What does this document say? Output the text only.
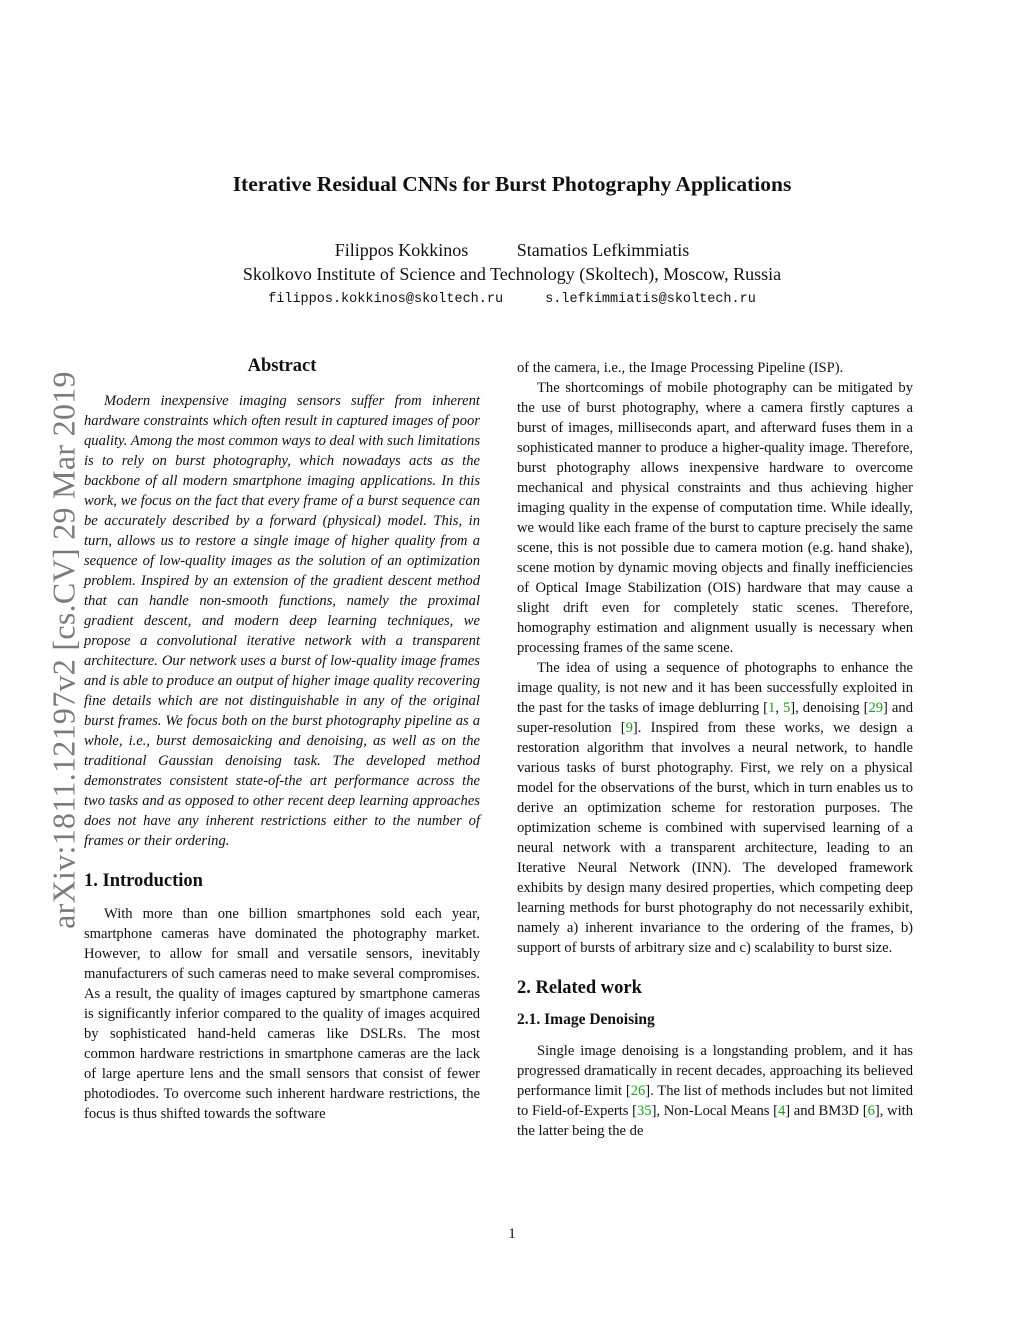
arXiv:1811.12197v2 [cs.CV] 29 Mar 2019
Iterative Residual CNNs for Burst Photography Applications
Filippos Kokkinos	Stamatios Lefkimmiatis
Skolkovo Institute of Science and Technology (Skoltech), Moscow, Russia
filippos.kokkinos@skoltech.ru	s.lefkimmiatis@skoltech.ru
Abstract

Modern inexpensive imaging sensors suffer from inherent hardware constraints which often result in captured images of poor quality. Among the most common ways to deal with such limitations is to rely on burst photography, which nowadays acts as the backbone of all modern smartphone imaging applications. In this work, we focus on the fact that every frame of a burst sequence can be accurately described by a forward (physical) model. This, in turn, allows us to restore a single image of higher quality from a sequence of low-quality images as the solution of an optimization problem. Inspired by an extension of the gradient descent method that can handle non-smooth functions, namely the proximal gradient descent, and modern deep learning techniques, we propose a convolutional iterative network with a transparent architecture. Our network uses a burst of low-quality image frames and is able to produce an output of higher image quality recovering fine details which are not distinguishable in any of the original burst frames. We focus both on the burst photography pipeline as a whole, i.e., burst demosaicking and denoising, as well as on the traditional Gaussian denoising task. The developed method demonstrates consistent state-of-the art performance across the two tasks and as opposed to other recent deep learning approaches does not have any inherent restrictions either to the number of frames or their ordering.

1. Introduction

With more than one billion smartphones sold each year, smartphone cameras have dominated the photography market. However, to allow for small and versatile sensors, inevitably manufacturers of such cameras need to make several compromises. As a result, the quality of images captured by smartphone cameras is significantly inferior compared to the quality of images acquired by sophisticated hand-held cameras like DSLRs. The most common hardware restrictions in smartphone cameras are the lack of large aperture lens and the small sensors that consist of fewer photodiodes. To overcome such inherent hardware restrictions, the focus is thus shifted towards the software

of the camera, i.e., the Image Processing Pipeline (ISP).

The shortcomings of mobile photography can be mitigated by the use of burst photography, where a camera firstly captures a burst of images, milliseconds apart, and afterward fuses them in a sophisticated manner to produce a higher-quality image. Therefore, burst photography allows inexpensive hardware to overcome mechanical and physical constraints and thus achieving higher imaging quality in the expense of computation time. While ideally, we would like each frame of the burst to capture precisely the same scene, this is not possible due to camera motion (e.g. hand shake), scene motion by dynamic moving objects and finally inefficiencies of Optical Image Stabilization (OIS) hardware that may cause a slight drift even for completely static scenes. Therefore, homography estimation and alignment usually is necessary when processing frames of the same scene.

The idea of using a sequence of photographs to enhance the image quality, is not new and it has been successfully exploited in the past for the tasks of image deblurring [1, 5], denoising [29] and super-resolution [9]. Inspired from these works, we design a restoration algorithm that involves a neural network, to handle various tasks of burst photography. First, we rely on a physical model for the observations of the burst, which in turn enables us to derive an optimization scheme for restoration purposes. The optimization scheme is combined with supervised learning of a neural network with a transparent architecture, leading to an Iterative Neural Network (INN). The developed framework exhibits by design many desired properties, which competing deep learning methods for burst photography do not necessarily exhibit, namely a) inherent invariance to the ordering of the frames, b) support of bursts of arbitrary size and c) scalability to burst size.

2. Related work
2.1. Image Denoising

Single image denoising is a longstanding problem, and it has progressed dramatically in recent decades, approaching its believed performance limit [26]. The list of methods includes but not limited to Field-of-Experts [35], Non-Local Means [4] and BM3D [6], with the latter being the de

1
